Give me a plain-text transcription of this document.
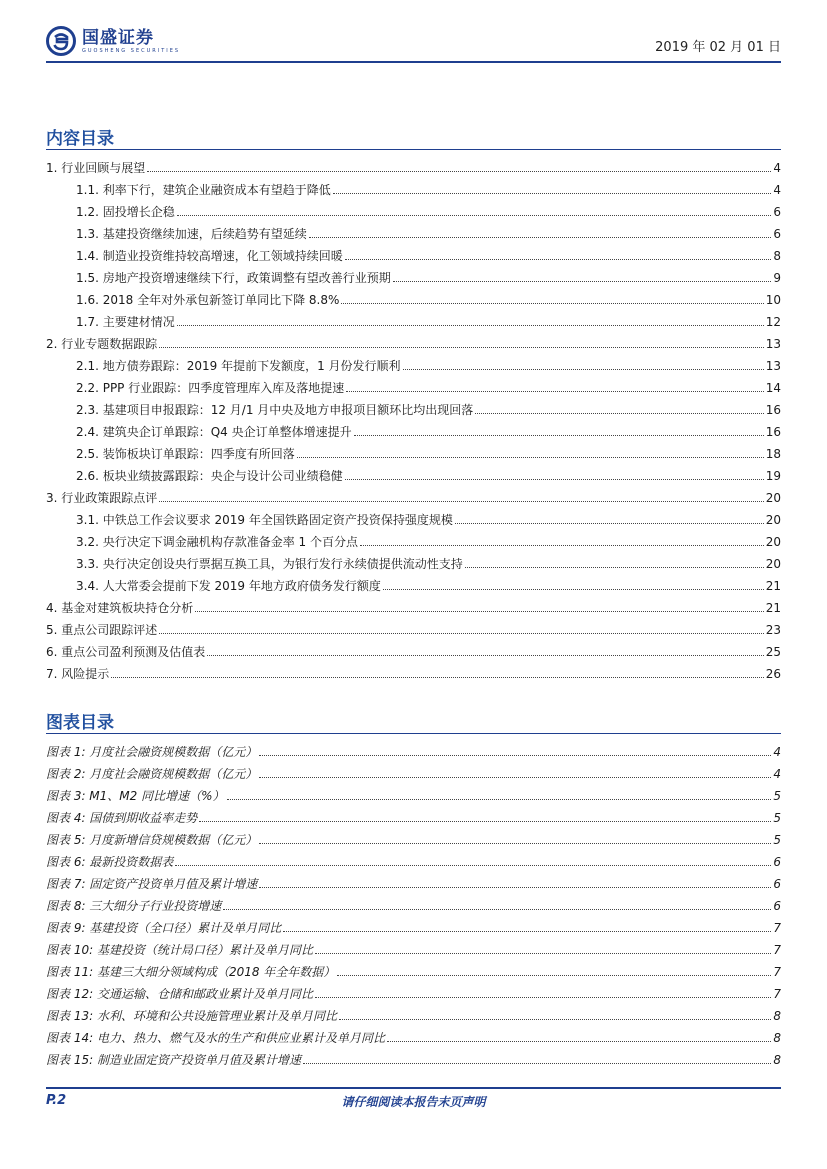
国盛证券
GUOSHENG SECURITIES	2019 年 02 月 01 日
内容目录
1. 行业回顾与展望	4
1.1. 利率下行，建筑企业融资成本有望趋于降低	4
1.2. 固投增长企稳	6
1.3. 基建投资继续加速，后续趋势有望延续	6
1.4. 制造业投资维持较高增速，化工领域持续回暖	8
1.5. 房地产投资增速继续下行，政策调整有望改善行业预期	9
1.6. 2018 全年对外承包新签订单同比下降 8.8%	10
1.7. 主要建材情况	12
2. 行业专题数据跟踪	13
2.1. 地方债券跟踪：2019 年提前下发额度，1 月份发行顺利	13
2.2. PPP 行业跟踪：四季度管理库入库及落地提速	14
2.3. 基建项目申报跟踪：12 月/1 月中央及地方申报项目额环比均出现回落	16
2.4. 建筑央企订单跟踪：Q4 央企订单整体增速提升	16
2.5. 装饰板块订单跟踪：四季度有所回落	18
2.6. 板块业绩披露跟踪：央企与设计公司业绩稳健	19
3. 行业政策跟踪点评	20
3.1. 中铁总工作会议要求 2019 年全国铁路固定资产投资保持强度规模	20
3.2. 央行决定下调金融机构存款准备金率 1 个百分点	20
3.3. 央行决定创设央行票据互换工具，为银行发行永续债提供流动性支持	20
3.4. 人大常委会提前下发 2019 年地方政府债务发行额度	21
4. 基金对建筑板块持仓分析	21
5. 重点公司跟踪评述	23
6. 重点公司盈利预测及估值表	25
7. 风险提示	26
图表目录
图表 1: 月度社会融资规模数据（亿元）	4
图表 2: 月度社会融资规模数据（亿元）	4
图表 3: M1、M2 同比增速（%）	5
图表 4: 国债到期收益率走势	5
图表 5: 月度新增信贷规模数据（亿元）	5
图表 6: 最新投资数据表	6
图表 7: 固定资产投资单月值及累计增速	6
图表 8: 三大细分子行业投资增速	6
图表 9: 基建投资（全口径）累计及单月同比	7
图表 10: 基建投资（统计局口径）累计及单月同比	7
图表 11: 基建三大细分领域构成（2018 年全年数据）	7
图表 12: 交通运输、仓储和邮政业累计及单月同比	7
图表 13: 水利、环境和公共设施管理业累计及单月同比	8
图表 14: 电力、热力、燃气及水的生产和供应业累计及单月同比	8
图表 15: 制造业固定资产投资单月值及累计增速	8
请仔细阅读本报告末页声明
P.2
